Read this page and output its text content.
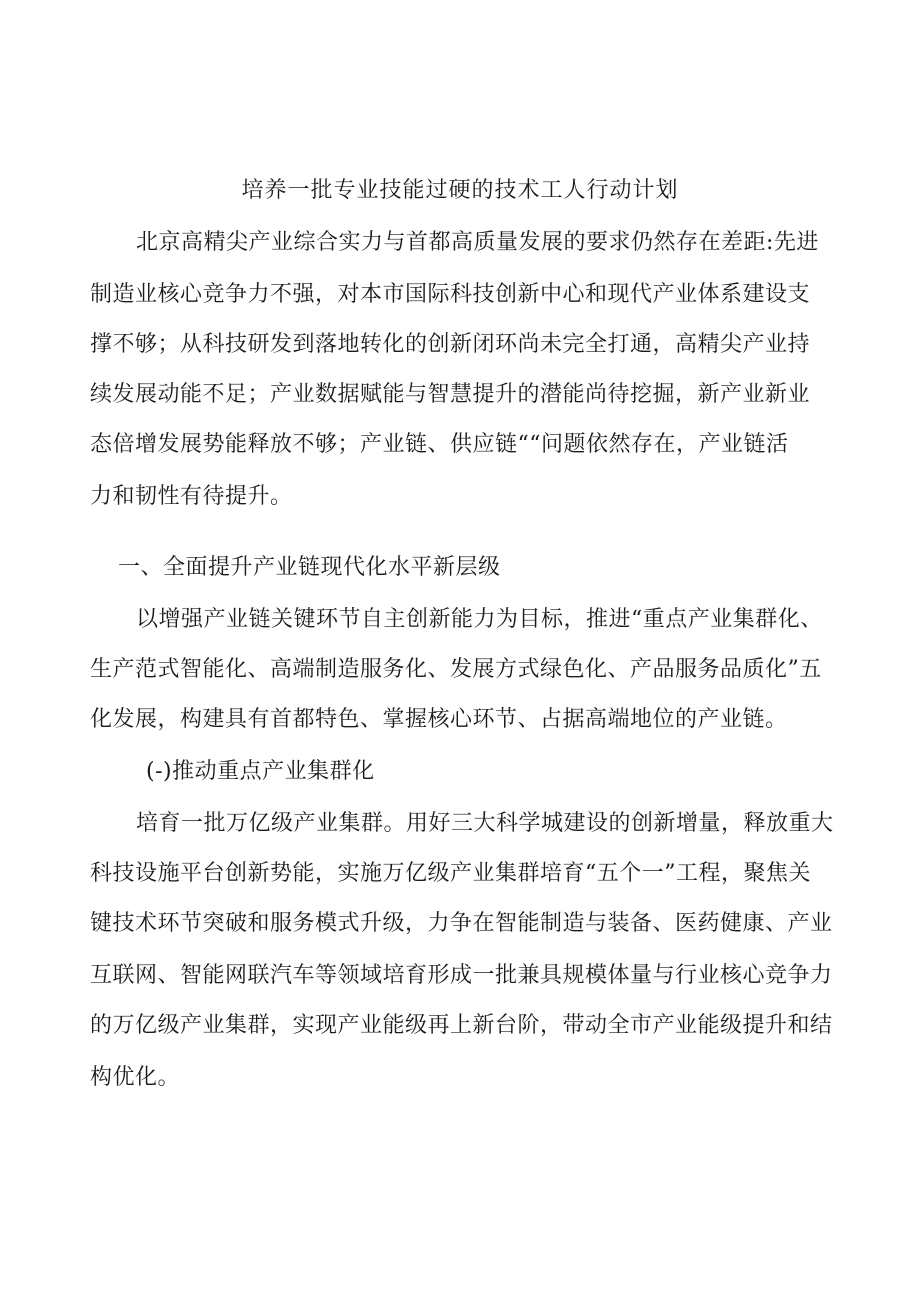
培养一批专业技能过硬的技术工人行动计划
北京高精尖产业综合实力与首都高质量发展的要求仍然存在差距:先进
制造业核心竞争力不强，对本市国际科技创新中心和现代产业体系建设支
撑不够；从科技研发到落地转化的创新闭环尚未完全打通，高精尖产业持
续发展动能不足；产业数据赋能与智慧提升的潜能尚待挖掘，新产业新业
态倍增发展势能释放不够；产业链、供应链““问题依然存在，产业链活
力和韧性有待提升。
一、全面提升产业链现代化水平新层级
以增强产业链关键环节自主创新能力为目标，推进“重点产业集群化、
生产范式智能化、高端制造服务化、发展方式绿色化、产品服务品质化”五
化发展，构建具有首都特色、掌握核心环节、占据高端地位的产业链。
(-)推动重点产业集群化
培育一批万亿级产业集群。用好三大科学城建设的创新增量，释放重大
科技设施平台创新势能，实施万亿级产业集群培育“五个一”工程，聚焦关
键技术环节突破和服务模式升级，力争在智能制造与装备、医药健康、产业
互联网、智能网联汽车等领域培育形成一批兼具规模体量与行业核心竞争力
的万亿级产业集群，实现产业能级再上新台阶，带动全市产业能级提升和结
构优化。
